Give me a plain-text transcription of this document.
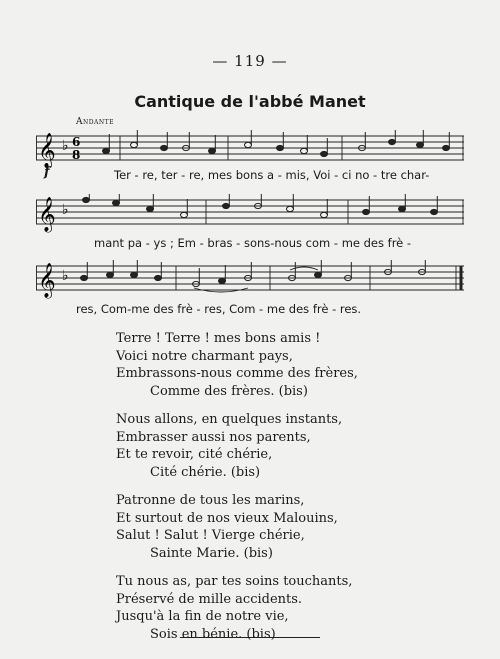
— 119 —
Cantique de l'abbé Manet
Andante
f
𝄞 ♭ 6
8
Ter - re, ter - re, mes bons a - mis, Voi - ci no - tre char-
𝄞 ♭
mant pa - ys ; Em - bras - sons-nous com - me des frè -
𝄞 ♭
res, Com-me des frè - res, Com - me des frè - res.
Terre ! Terre ! mes bons amis !
Voici notre charmant pays,
Embrassons-nous comme des frères,
Comme des frères. (bis)
Nous allons, en quelques instants,
Embrasser aussi nos parents,
Et te revoir, cité chérie,
Cité chérie. (bis)
Patronne de tous les marins,
Et surtout de nos vieux Malouins,
Salut ! Salut ! Vierge chérie,
Sainte Marie. (bis)
Tu nous as, par tes soins touchants,
Préservé de mille accidents.
Jusqu'à la fin de notre vie,
Sois en bénie. (bis)
